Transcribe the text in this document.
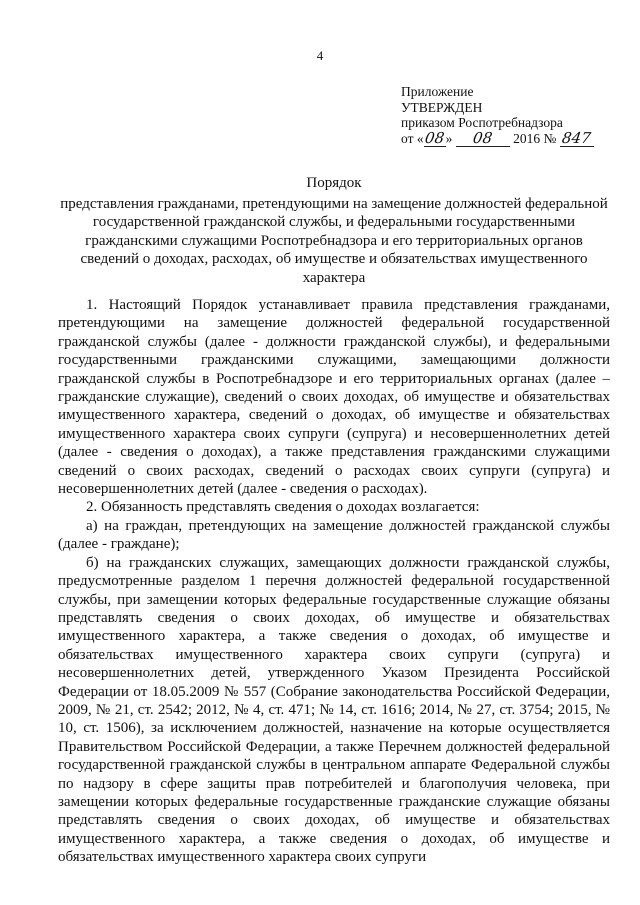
4
Приложение
УТВЕРЖДЕН
приказом Роспотребнадзора
от «08» 08 2016 № 847
Порядок
представления гражданами, претендующими на замещение должностей федеральной государственной гражданской службы, и федеральными государственными гражданскими служащими Роспотребнадзора и его территориальных органов сведений о доходах, расходах, об имуществе и обязательствах имущественного характера

1. Настоящий Порядок устанавливает правила представления гражданами, претендующими на замещение должностей федеральной государственной гражданской службы (далее - должности гражданской службы), и федеральными государственными гражданскими служащими, замещающими должности гражданской службы в Роспотребнадзоре и его территориальных органах (далее – гражданские служащие), сведений о своих доходах, об имуществе и обязательствах имущественного характера, сведений о доходах, об имуществе и обязательствах имущественного характера своих супруги (супруга) и несовершеннолетних детей (далее - сведения о доходах), а также представления гражданскими служащими сведений о своих расходах, сведений о расходах своих супруги (супруга) и несовершеннолетних детей (далее - сведения о расходах).

2. Обязанность представлять сведения о доходах возлагается:

а) на граждан, претендующих на замещение должностей гражданской службы (далее - граждане);

б) на гражданских служащих, замещающих должности гражданской службы, предусмотренные разделом 1 перечня должностей федеральной государственной службы, при замещении которых федеральные государственные служащие обязаны представлять сведения о своих доходах, об имуществе и обязательствах имущественного характера, а также сведения о доходах, об имуществе и обязательствах имущественного характера своих супруги (супруга) и несовершеннолетних детей, утвержденного Указом Президента Российской Федерации от 18.05.2009 № 557 (Собрание законодательства Российской Федерации, 2009, № 21, ст. 2542; 2012, № 4, ст. 471; № 14, ст. 1616; 2014, № 27, ст. 3754; 2015, № 10, ст. 1506), за исключением должностей, назначение на которые осуществляется Правительством Российской Федерации, а также Перечнем должностей федеральной государственной гражданской службы в центральном аппарате Федеральной службы по надзору в сфере защиты прав потребителей и благополучия человека, при замещении которых федеральные государственные гражданские служащие обязаны представлять сведения о своих доходах, об имуществе и обязательствах имущественного характера, а также сведения о доходах, об имуществе и обязательствах имущественного характера своих супруги
